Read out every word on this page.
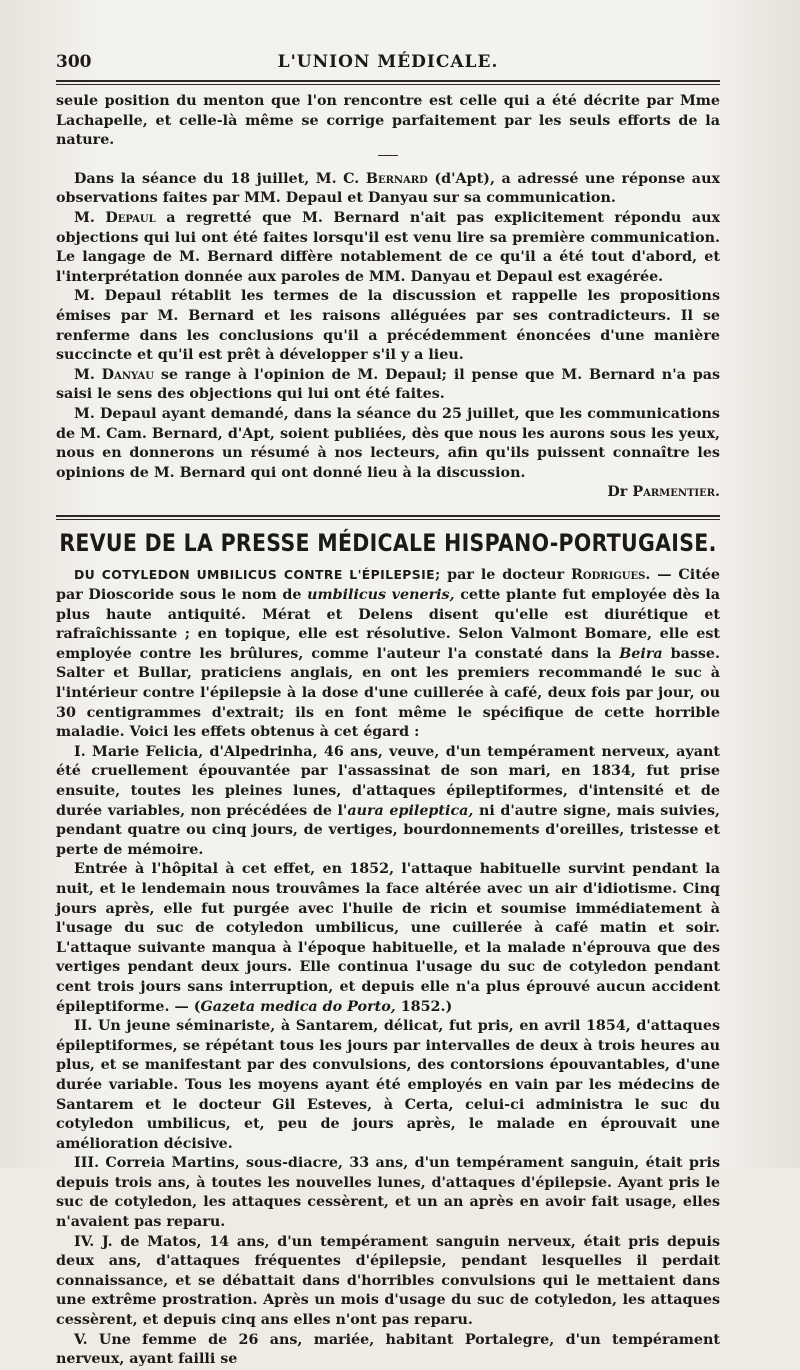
300	L'UNION MÉDICALE.

seule position du menton que l'on rencontre est celle qui a été décrite par Mme Lachapelle, et celle-là même se corrige parfaitement par les seuls efforts de la nature.

Dans la séance du 18 juillet, M. C. Bernard (d'Apt), a adressé une réponse aux observations faites par MM. Depaul et Danyau sur sa communication.

M. Depaul a regretté que M. Bernard n'ait pas explicitement répondu aux objections qui lui ont été faites lorsqu'il est venu lire sa première communication. Le langage de M. Bernard diffère notablement de ce qu'il a été tout d'abord, et l'interprétation donnée aux paroles de MM. Danyau et Depaul est exagérée.

M. Depaul rétablit les termes de la discussion et rappelle les propositions émises par M. Bernard et les raisons alléguées par ses contradicteurs. Il se renferme dans les conclusions qu'il a précédemment énoncées d'une manière succincte et qu'il est prêt à développer s'il y a lieu.

M. Danyau se range à l'opinion de M. Depaul; il pense que M. Bernard n'a pas saisi le sens des objections qui lui ont été faites.

M. Depaul ayant demandé, dans la séance du 25 juillet, que les communications de M. Cam. Bernard, d'Apt, soient publiées, dès que nous les aurons sous les yeux, nous en donnerons un résumé à nos lecteurs, afin qu'ils puissent connaître les opinions de M. Bernard qui ont donné lieu à la discussion.

Dr Parmentier.

REVUE DE LA PRESSE MÉDICALE HISPANO-PORTUGAISE.

DU COTYLEDON UMBILICUS CONTRE L'ÉPILEPSIE; par le docteur Rodrigues. — Citée par Dioscoride sous le nom de umbilicus veneris, cette plante fut employée dès la plus haute antiquité. Mérat et Delens disent qu'elle est diurétique et rafraîchissante ; en topique, elle est résolutive. Selon Valmont Bomare, elle est employée contre les brûlures, comme l'auteur l'a constaté dans la Beira basse. Salter et Bullar, praticiens anglais, en ont les premiers recommandé le suc à l'intérieur contre l'épilepsie à la dose d'une cuillerée à café, deux fois par jour, ou 30 centigrammes d'extrait; ils en font même le spécifique de cette horrible maladie. Voici les effets obtenus à cet égard :

I. Marie Felicia, d'Alpedrinha, 46 ans, veuve, d'un tempérament nerveux, ayant été cruellement épouvantée par l'assassinat de son mari, en 1834, fut prise ensuite, toutes les pleines lunes, d'attaques épileptiformes, d'intensité et de durée variables, non précédées de l'aura epileptica, ni d'autre signe, mais suivies, pendant quatre ou cinq jours, de vertiges, bourdonnements d'oreilles, tristesse et perte de mémoire.

Entrée à l'hôpital à cet effet, en 1852, l'attaque habituelle survint pendant la nuit, et le lendemain nous trouvâmes la face altérée avec un air d'idiotisme. Cinq jours après, elle fut purgée avec l'huile de ricin et soumise immédiatement à l'usage du suc de cotyledon umbilicus, une cuillerée à café matin et soir. L'attaque suivante manqua à l'époque habituelle, et la malade n'éprouva que des vertiges pendant deux jours. Elle continua l'usage du suc de cotyledon pendant cent trois jours sans interruption, et depuis elle n'a plus éprouvé aucun accident épileptiforme. — (Gazeta medica do Porto, 1852.)

II. Un jeune séminariste, à Santarem, délicat, fut pris, en avril 1854, d'attaques épileptiformes, se répétant tous les jours par intervalles de deux à trois heures au plus, et se manifestant par des convulsions, des contorsions épouvantables, d'une durée variable. Tous les moyens ayant été employés en vain par les médecins de Santarem et le docteur Gil Esteves, à Certa, celui-ci administra le suc du cotyledon umbilicus, et, peu de jours après, le malade en éprouvait une amélioration décisive.

III. Correia Martins, sous-diacre, 33 ans, d'un tempérament sanguin, était pris depuis trois ans, à toutes les nouvelles lunes, d'attaques d'épilepsie. Ayant pris le suc de cotyledon, les attaques cessèrent, et un an après en avoir fait usage, elles n'avaient pas reparu.

IV. J. de Matos, 14 ans, d'un tempérament sanguin nerveux, était pris depuis deux ans, d'attaques fréquentes d'épilepsie, pendant lesquelles il perdait connaissance, et se débattait dans d'horribles convulsions qui le mettaient dans une extrême prostration. Après un mois d'usage du suc de cotyledon, les attaques cessèrent, et depuis cinq ans elles n'ont pas reparu.

V. Une femme de 26 ans, mariée, habitant Portalegre, d'un tempérament nerveux, ayant failli se
